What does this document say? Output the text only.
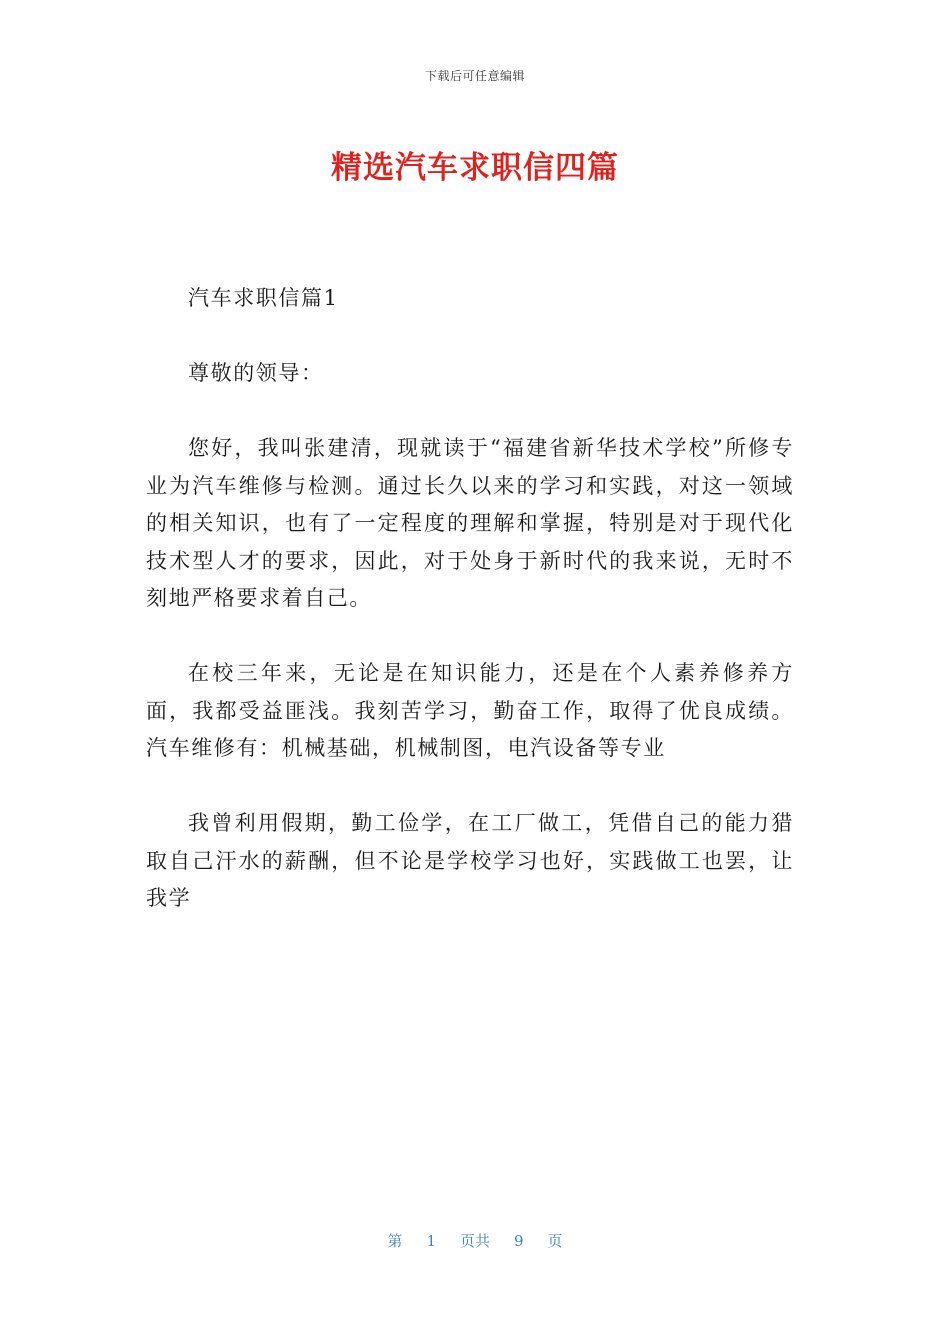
下载后可任意编辑
精选汽车求职信四篇

汽车求职信篇1

尊敬的领导：

您好，我叫张建清，现就读于“福建省新华技术学校”所修专业为汽车维修与检测。通过长久以来的学习和实践，对这一领域的相关知识，也有了一定程度的理解和掌握，特别是对于现代化技术型人才的要求，因此，对于处身于新时代的我来说，无时不刻地严格要求着自己。

在校三年来，无论是在知识能力，还是在个人素养修养方面，我都受益匪浅。我刻苦学习，勤奋工作，取得了优良成绩。汽车维修有：机械基础，机械制图，电汽设备等专业

我曾利用假期，勤工俭学，在工厂做工，凭借自己的能力猎取自己汗水的薪酬，但不论是学校学习也好，实践做工也罢，让我学

第 1 页共 9 页
